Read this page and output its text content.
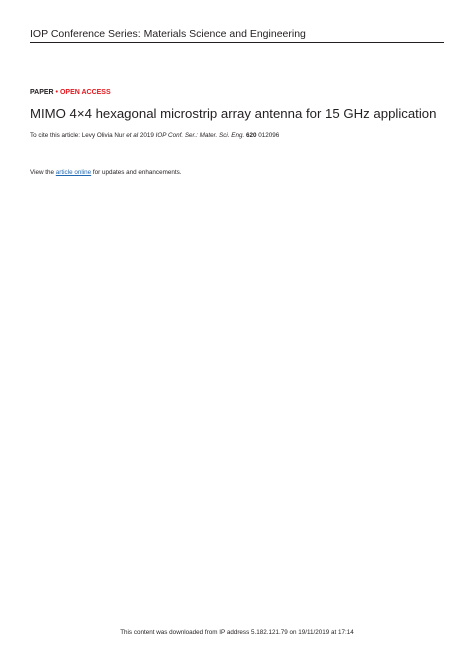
IOP Conference Series: Materials Science and Engineering
PAPER • OPEN ACCESS
MIMO 4×4 hexagonal microstrip array antenna for 15 GHz application
To cite this article: Levy Olivia Nur et al 2019 IOP Conf. Ser.: Mater. Sci. Eng. 620 012096
View the article online for updates and enhancements.
This content was downloaded from IP address 5.182.121.79 on 19/11/2019 at 17:14
